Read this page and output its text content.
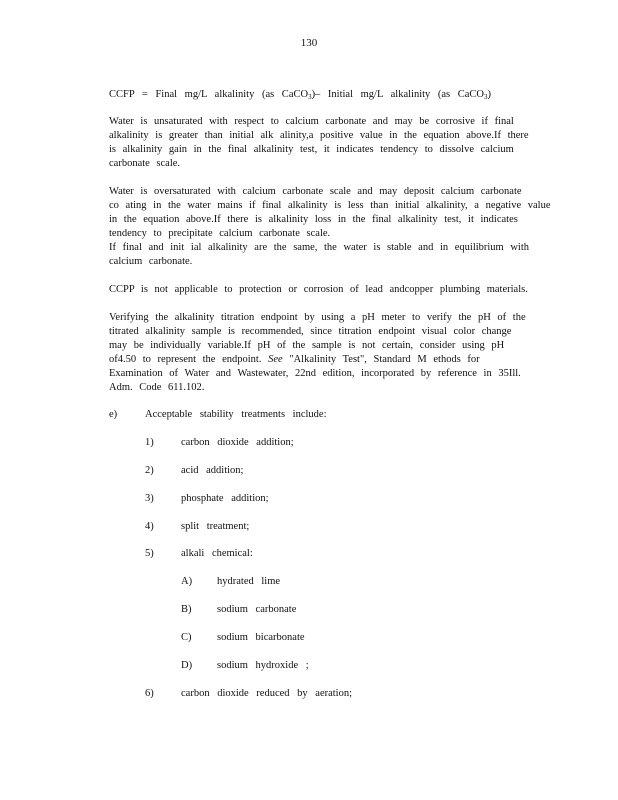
130

CCFP = Final mg/L alkalinity (as CaCO$_3$)– Initial mg/L alkalinity (as CaCO$_3$)

Water is unsaturated with respect to calcium carbonate and may be corrosive if final
alkalinity is greater than initial alk alinity,a positive value in the equation above.If there
is alkalinity gain in the final alkalinity test, it indicates tendency to dissolve calcium
carbonate scale.

Water is oversaturated with calcium carbonate scale and may deposit calcium carbonate
co ating in the water mains if final alkalinity is less than initial alkalinity, a negative value
in the equation above.If there is alkalinity loss in the final alkalinity test, it indicates
tendency to precipitate calcium carbonate scale.
If final and init ial alkalinity are the same, the water is stable and in equilibrium with
calcium carbonate.

CCPP is not applicable to protection or corrosion of lead andcopper plumbing materials.

Verifying the alkalinity titration endpoint by using a pH meter to verify the pH of the
titrated alkalinity sample is recommended, since titration endpoint visual color change
may be individually variable.If pH of the sample is not certain, consider using pH
of4.50 to represent the endpoint. See "Alkalinity Test", Standard M ethods for
Examination of Water and Wastewater, 22nd edition, incorporated by reference in 35Ill.
Adm. Code 611.102.

e)	Acceptable stability treatments include:
1)	carbon dioxide addition;
2)	acid addition;
3)	phosphate addition;
4)	split treatment;
5)	alkali chemical:
A) hydrated lime
B) sodium carbonate
C) sodium bicarbonate
D) sodium hydroxide ;
6)	carbon dioxide reduced by aeration;
